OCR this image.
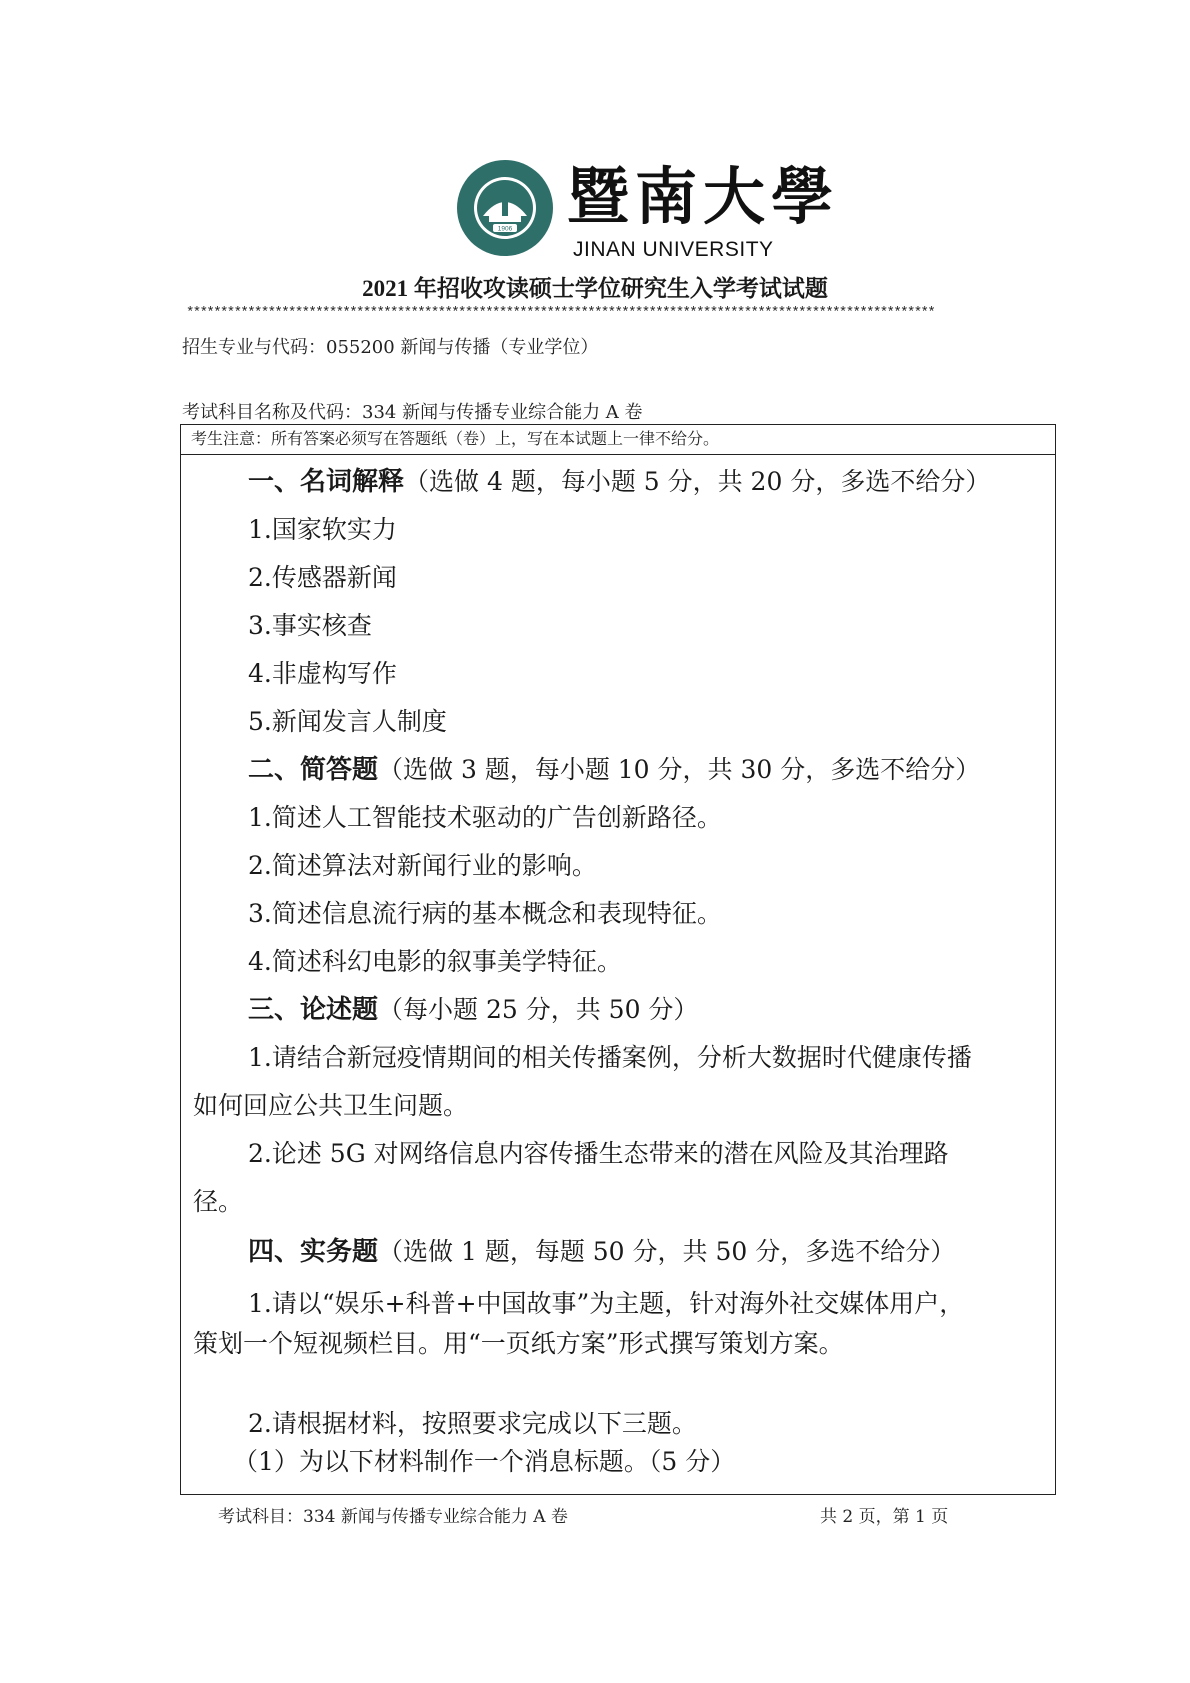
1906 暨南大學
JINAN UNIVERSITY
2021 年招收攻读硕士学位研究生入学考试试题
**************************************************************************************************************
招生专业与代码：055200 新闻与传播（专业学位）
考试科目名称及代码：334 新闻与传播专业综合能力 A 卷
考生注意：所有答案必须写在答题纸（卷）上，写在本试题上一律不给分。
一、名词解释（选做 4 题，每小题 5 分，共 20 分，多选不给分）
1.国家软实力
2.传感器新闻
3.事实核查
4.非虚构写作
5.新闻发言人制度
二、简答题（选做 3 题，每小题 10 分，共 30 分，多选不给分）
1.简述人工智能技术驱动的广告创新路径。
2.简述算法对新闻行业的影响。
3.简述信息流行病的基本概念和表现特征。
4.简述科幻电影的叙事美学特征。
三、论述题（每小题 25 分，共 50 分）
1.请结合新冠疫情期间的相关传播案例，分析大数据时代健康传播
如何回应公共卫生问题。
2.论述 5G 对网络信息内容传播生态带来的潜在风险及其治理路
径。
四、实务题（选做 1 题，每题 50 分，共 50 分，多选不给分）
1.请以“娱乐+科普+中国故事”为主题，针对海外社交媒体用户，
策划一个短视频栏目。用“一页纸方案”形式撰写策划方案。
2.请根据材料，按照要求完成以下三题。
（1）为以下材料制作一个消息标题。（5 分）
考试科目：334 新闻与传播专业综合能力 A 卷	共 2 页，第 1 页
